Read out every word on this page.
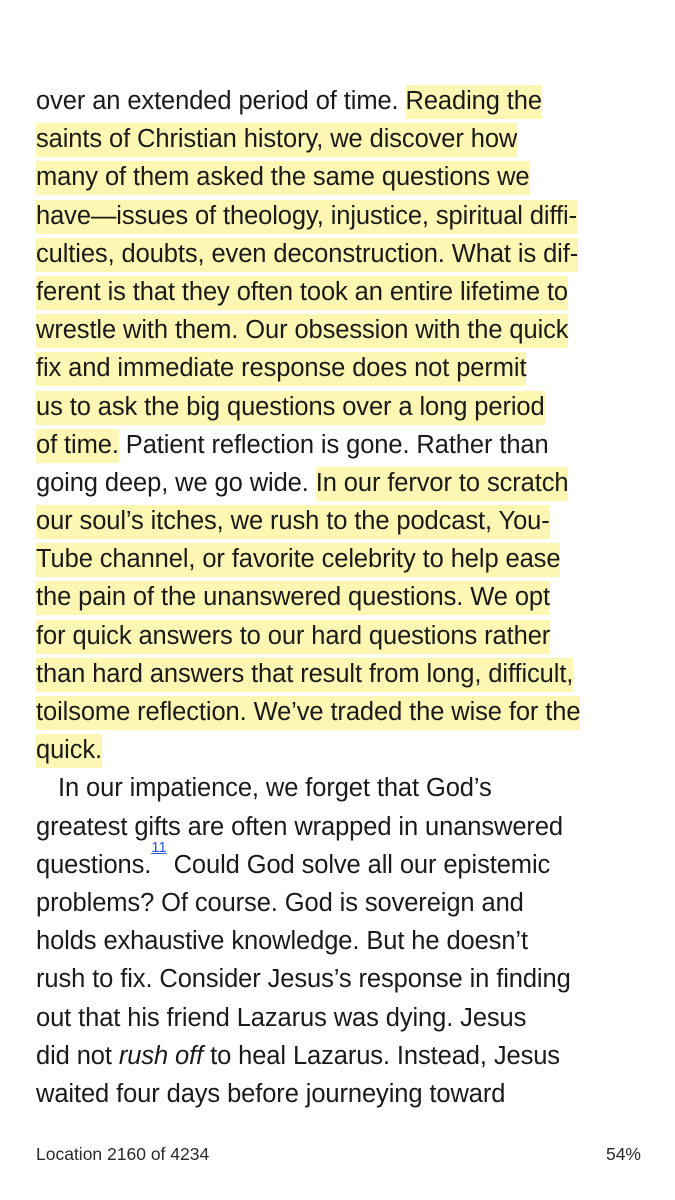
over an extended period of time. Reading the
saints of Christian history, we discover how
many of them asked the same questions we
have—issues of theology, injustice, spiritual diffi-
culties, doubts, even deconstruction. What is dif-
ferent is that they often took an entire lifetime to
wrestle with them. Our obsession with the quick
fix and immediate response does not permit
us to ask the big questions over a long period
of time. Patient reflection is gone. Rather than
going deep, we go wide. In our fervor to scratch
our soul’s itches, we rush to the podcast, You-
Tube channel, or favorite celebrity to help ease
the pain of the unanswered questions. We opt
for quick answers to our hard questions rather
than hard answers that result from long, difficult,
toilsome reflection. We’ve traded the wise for the
quick.
In our impatience, we forget that God’s
greatest gifts are often wrapped in unanswered
questions.$^{11}$ Could God solve all our epistemic
problems? Of course. God is sovereign and
holds exhaustive knowledge. But he doesn’t
rush to fix. Consider Jesus’s response in finding
out that his friend Lazarus was dying. Jesus
did not rush off to heal Lazarus. Instead, Jesus
waited four days before journeying toward
Location 2160 of 4234	54%
